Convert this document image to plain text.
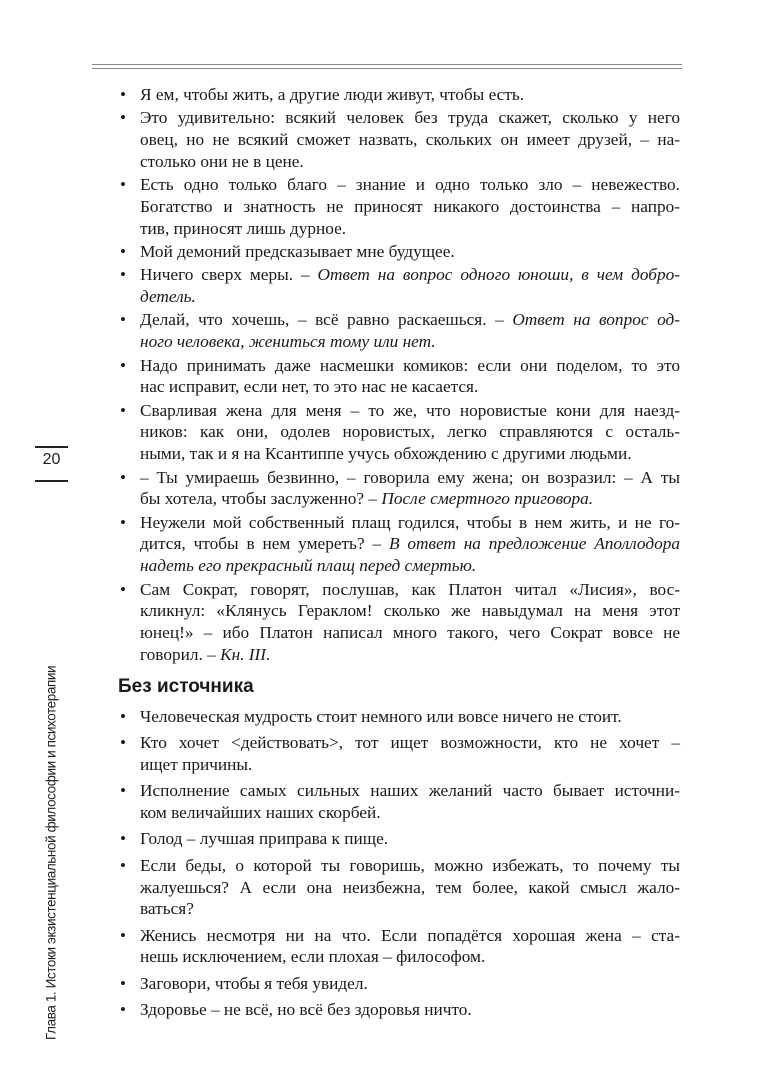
20
Глава 1. Истоки экзистенциальной философии и психотерапии
• Я ем, чтобы жить, а другие люди живут, чтобы есть.
• Это удивительно: всякий человек без труда скажет, сколько у него
овец, но не всякий сможет назвать, скольких он имеет друзей, – на-
столько они не в цене.
• Есть одно только благо – знание и одно только зло – невежество.
Богатство и знатность не приносят никакого достоинства – напро-
тив, приносят лишь дурное.
• Мой демоний предсказывает мне будущее.
• Ничего сверх меры. – Ответ на вопрос одного юноши, в чем добро-
детель.
• Делай, что хочешь, – всё равно раскаешься. – Ответ на вопрос од-
ного человека, жениться тому или нет.
• Надо принимать даже насмешки комиков: если они поделом, то это
нас исправит, если нет, то это нас не касается.
• Сварливая жена для меня – то же, что норовистые кони для наезд-
ников: как они, одолев норовистых, легко справляются с осталь-
ными, так и я на Ксантиппе учусь обхождению с другими людьми.
• – Ты умираешь безвинно, – говорила ему жена; он возразил: – А ты
бы хотела, чтобы заслуженно? – После смертного приговора.
• Неужели мой собственный плащ годился, чтобы в нем жить, и не го-
дится, чтобы в нем умереть? – В ответ на предложение Аполлодора
надеть его прекрасный плащ перед смертью.
• Сам Сократ, говорят, послушав, как Платон читал «Лисия», вос-
кликнул: «Клянусь Гераклом! сколько же навыдумал на меня этот
юнец!» – ибо Платон написал много такого, чего Сократ вовсе не
говорил. – Кн. III.
Без источника
• Человеческая мудрость стоит немного или вовсе ничего не стоит.
• Кто хочет <действовать>, тот ищет возможности, кто не хочет –
ищет причины.
• Исполнение самых сильных наших желаний часто бывает источни-
ком величайших наших скорбей.
• Голод – лучшая приправа к пище.
• Если беды, о которой ты говоришь, можно избежать, то почему ты
жалуешься? А если она неизбежна, тем более, какой смысл жало-
ваться?
• Женись несмотря ни на что. Если попадётся хорошая жена – ста-
нешь исключением, если плохая – философом.
• Заговори, чтобы я тебя увидел.
• Здоровье – не всё, но всё без здоровья ничто.
